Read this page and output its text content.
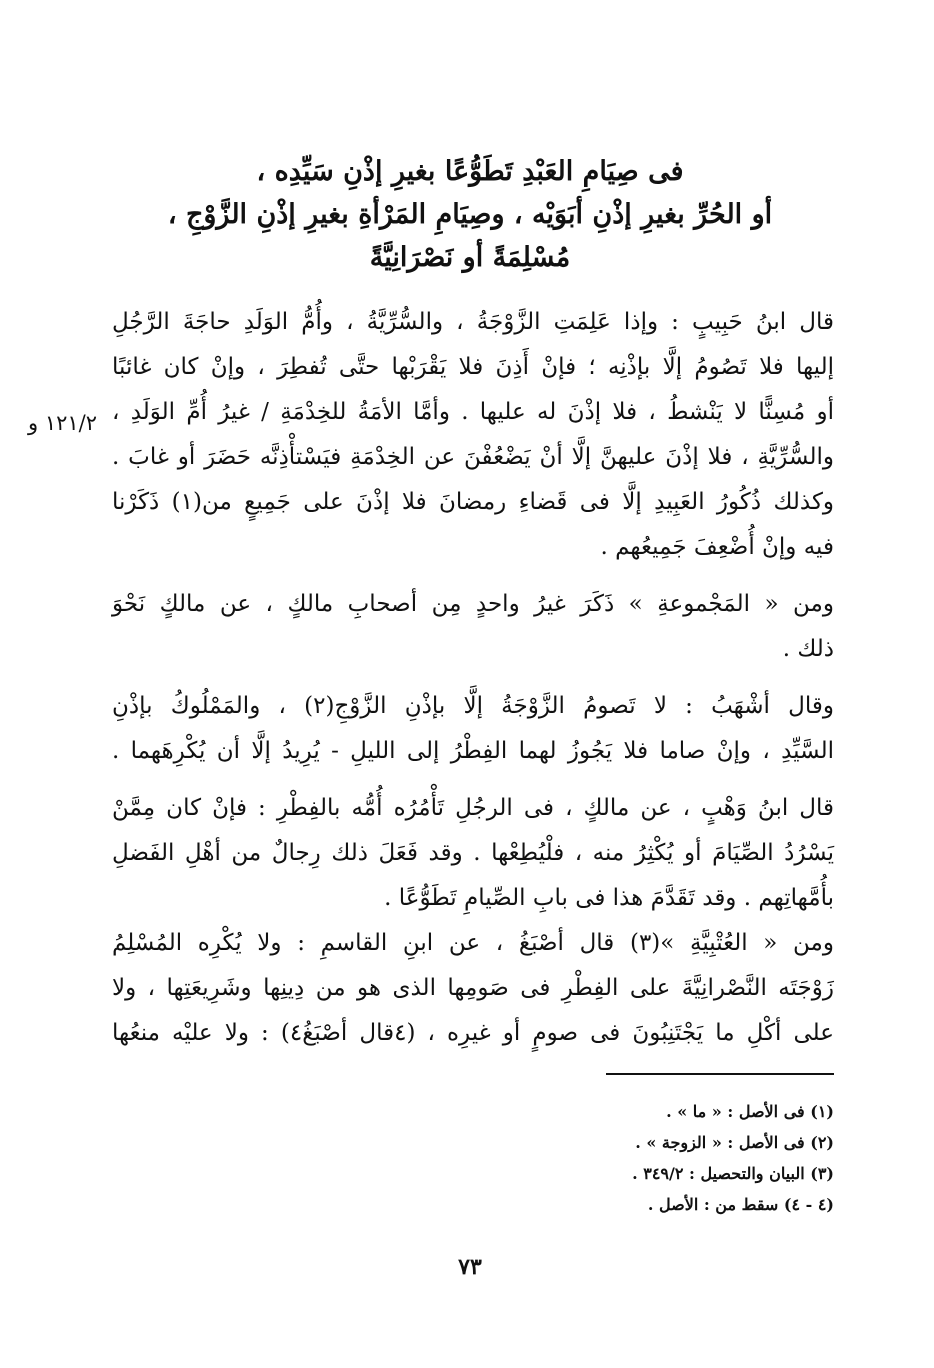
فى صِيَامِ العَبْدِ تَطَوُّعًا بغيرِ إذْنِ سَيِّدِه ،
أو الحُرِّ بغيرِ إذْنِ أبَوَيْه ، وصِيَامِ المَرْأةِ بغيرِ إذْنِ الزَّوْجِ ،
مُسْلِمَةً أو نَصْرَانِيَّةً
١٢١/٢ و
قال ابنُ حَبِيبٍ : وإذا عَلِمَتِ الزَّوْجَةُ ، والسُّرِّيَّةُ ، وأُمُّ الوَلَدِ حاجَةَ الرَّجُلِ
إليها فلا تَصُومُ إلَّا بإذْنِه ؛ فإنْ أَذِنَ فلا يَقْرَبْها حتَّى تُفطِرَ ، وإنْ كان غائبًا
أو مُسِنًّا لا يَنْشطُ ، فلا إذْنَ له عليها . وأمَّا الأمَةُ للخِدْمَةِ / غيرُ أُمِّ الوَلَدِ ،
والسُّرِّيَّةِ ، فلا إذْنَ عليهنَّ إلَّا أنْ يَضْعُفْنَ عن الخِدْمَةِ فيَسْتأْذِنَّه حَضَرَ أو غابَ .
وكذلك ذُكُورُ العَبِيدِ إلَّا فى قَضاءِ رمضانَ فلا إذْنَ على جَمِيعٍ من(١) ذَكَرْنا
فيه وإنْ أُضْعِفَ جَمِيعُهم .
ومن « المَجْموعةِ » ذَكَرَ غيرُ واحدٍ مِن أصحابِ مالكٍ ، عن مالكٍ نَحْوَ
ذلك .
وقال أشْهَبُ : لا تَصومُ الزَّوْجَةُ إلَّا بإذْنِ الزَّوْجِ(٢) ، والمَمْلُوكُ بإذْنِ
السَّيِّدِ ، وإنْ صاما فلا يَجُوزُ لهما الفِطْرُ إلى الليلِ - يُرِيدُ إلَّا أن يُكْرِهَهما .
قال ابنُ وَهْبٍ ، عن مالكٍ ، فى الرجُلِ تَأْمُرُه أُمُّه بالفِطْرِ : فإنْ كان مِمَّنْ
يَسْرُدُ الصِّيَامَ أو يُكْثِرُ منه ، فلْيُطِعْها . وقد فَعَلَ ذلك رِجالٌ من أهْلِ الفَضلِ
بأُمَّهاتِهم . وقد تَقَدَّمَ هذا فى بابِ الصِّيامِ تَطَوُّعًا .
ومن « العُتْبِيَّةِ »(٣) قال أصْبَغُ ، عن ابنِ القاسمِ : ولا يُكْرِه المُسْلِمُ
زَوْجَتَه النَّصْرانِيَّةَ على الفِطْرِ فى صَومِها الذى هو من دِينِها وشَرِيعَتِها ، ولا
على أكْلِ ما يَجْتَنِبُونَ فى صومٍ أو غيرِه ، (٤قال أصْبَغُ٤) : ولا عليْه منعُها
(١) فى الأصل : « ما » .
(٢) فى الأصل : « الزوجة » .
(٣) البيان والتحصيل : ٣٤٩/٢ .
(٤ - ٤) سقط من : الأصل .
٧٣
